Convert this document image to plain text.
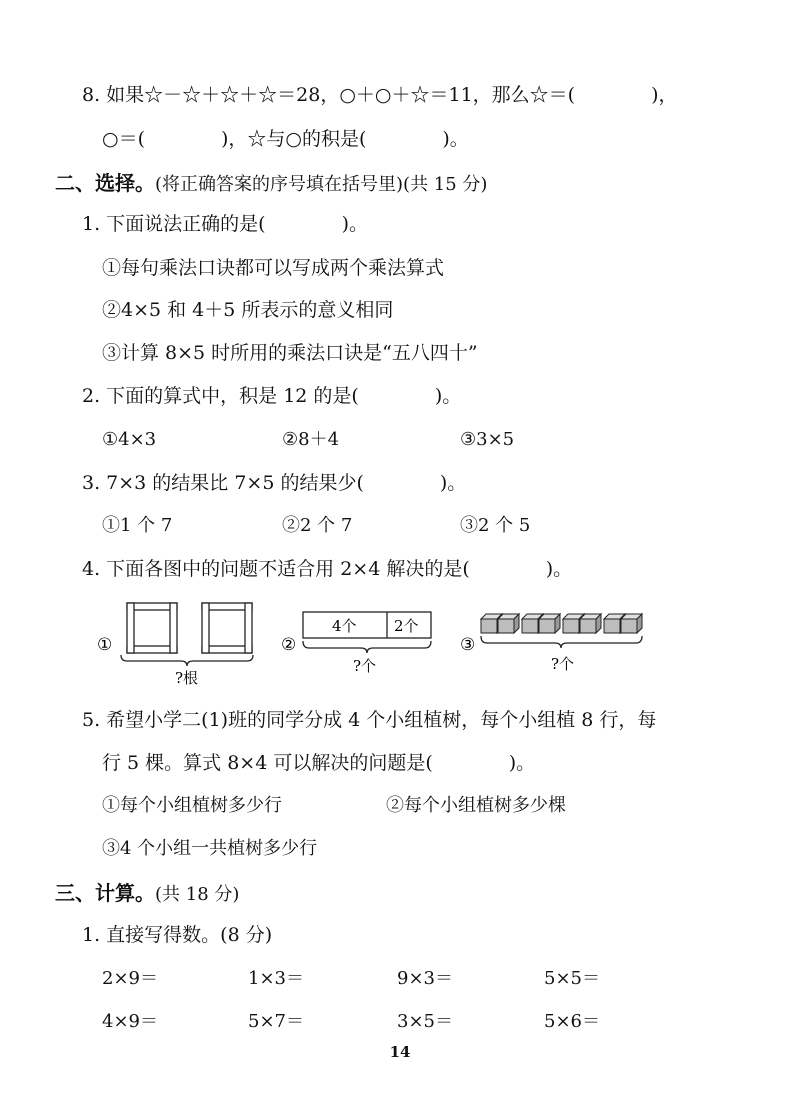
8. 如果☆－☆＋☆＋☆＝28，○＋○＋☆＝11，那么☆＝(　　　　)，
○＝(　　　　)，☆与○的积是(　　　　)。
二、选择。(将正确答案的序号填在括号里)(共 15 分)
1. 下面说法正确的是(　　　　)。
①每句乘法口诀都可以写成两个乘法算式
②4×5 和 4＋5 所表示的意义相同
③计算 8×5 时所用的乘法口诀是“五八四十”
2. 下面的算式中，积是 12 的是(　　　　)。
①4×3	②8＋4	③3×5
3. 7×3 的结果比 7×5 的结果少(　　　　)。
①1 个 7	②2 个 7	③2 个 5
4. 下面各图中的问题不适合用 2×4 解决的是(　　　　)。
①
?根
②
4个 2个
?个
③
?个
5. 希望小学二(1)班的同学分成 4 个小组植树，每个小组植 8 行，每
行 5 棵。算式 8×4 可以解决的问题是(　　　　)。
①每个小组植树多少行	②每个小组植树多少棵
③4 个小组一共植树多少行
三、计算。(共 18 分)
1. 直接写得数。(8 分)
2×9＝	1×3＝	9×3＝	5×5＝
4×9＝	5×7＝	3×5＝	5×6＝
14
